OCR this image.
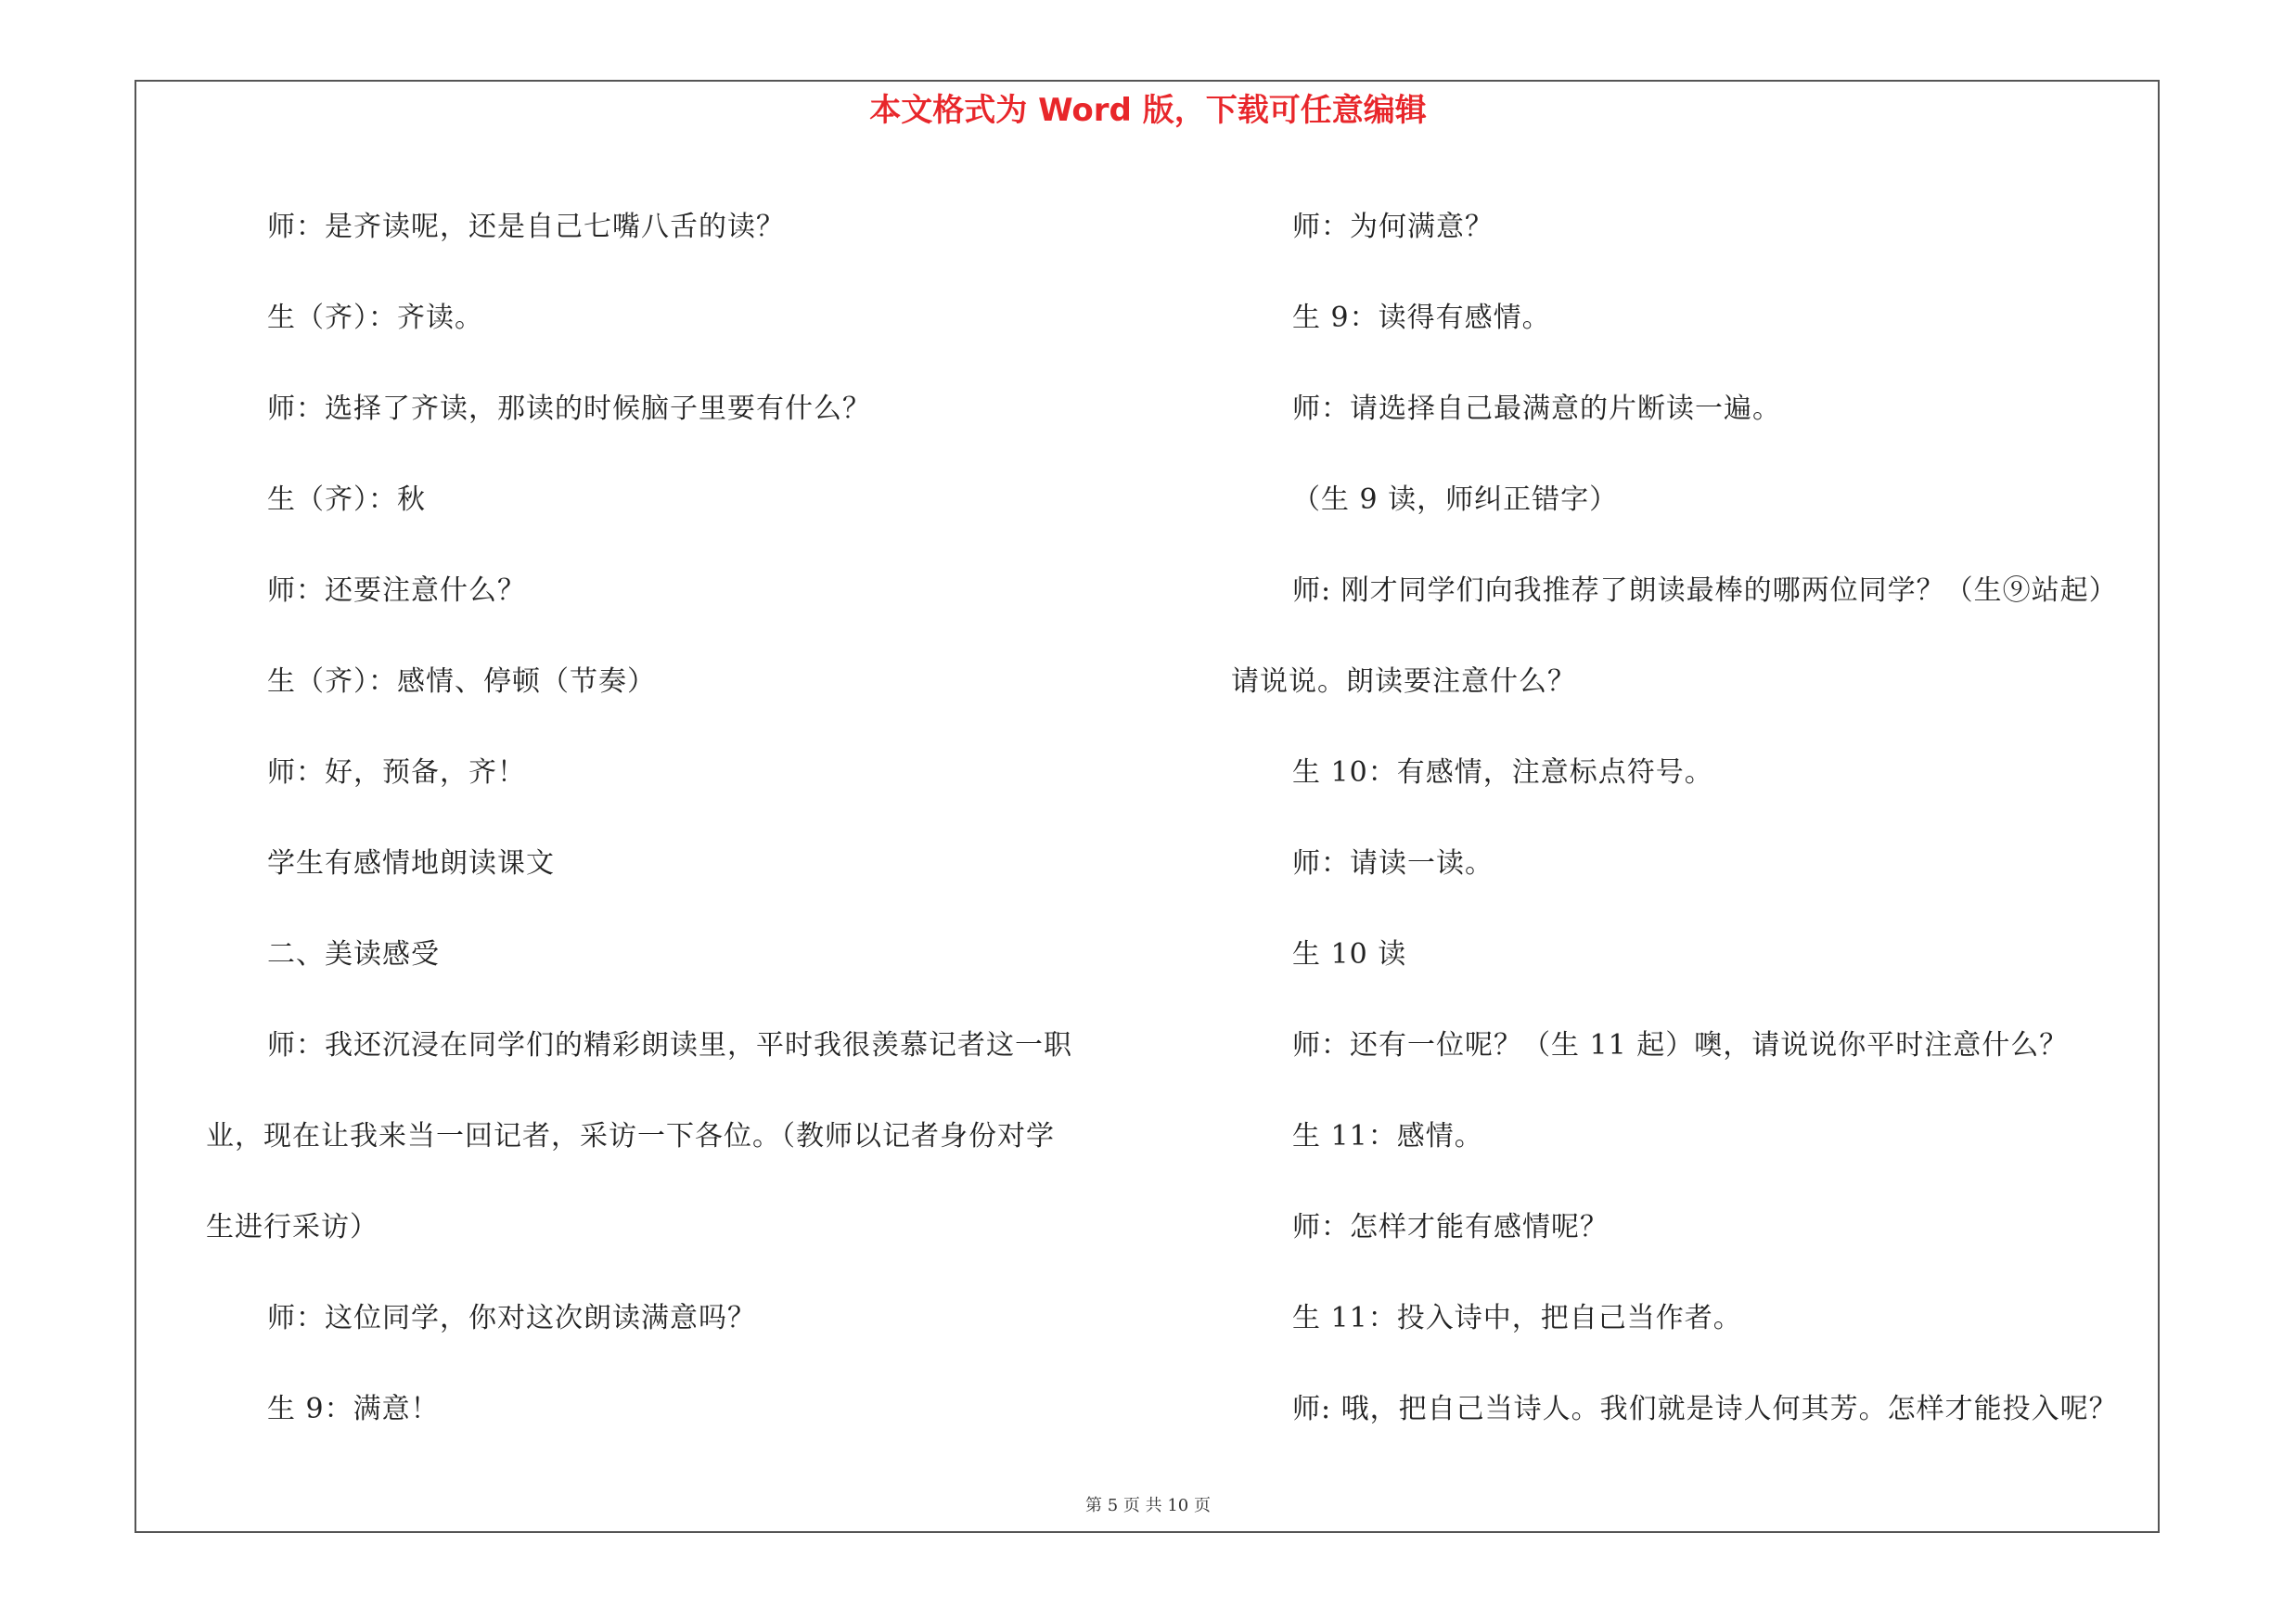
本文格式为 Word 版，下载可任意编辑

师：是齐读呢，还是自己七嘴八舌的读？

生（齐）：齐读。

师：选择了齐读，那读的时候脑子里要有什么？

生（齐）：秋

师：还要注意什么？

生（齐）：感情、停顿（节奏）

师：好，预备，齐！

学生有感情地朗读课文

二、美读感受

师：我还沉浸在同学们的精彩朗读里，平时我很羡慕记者这一职

业，现在让我来当一回记者，采访一下各位。（教师以记者身份对学

生进行采访）

师：这位同学，你对这次朗读满意吗？

生 9：满意！

师：为何满意？

生 9：读得有感情。

师：请选择自己最满意的片断读一遍。

（生 9 读，师纠正错字）

师: 刚才同学们向我推荐了朗读最棒的哪两位同学？（生⑨站起）

请说说。朗读要注意什么？

生 10：有感情，注意标点符号。

师：请读一读。

生 10 读

师：还有一位呢？（生 11 起）噢，请说说你平时注意什么？

生 11：感情。

师：怎样才能有感情呢？

生 11：投入诗中，把自己当作者。

师: 哦，把自己当诗人。我们就是诗人何其芳。怎样才能投入呢？

第 5 页 共 10 页
